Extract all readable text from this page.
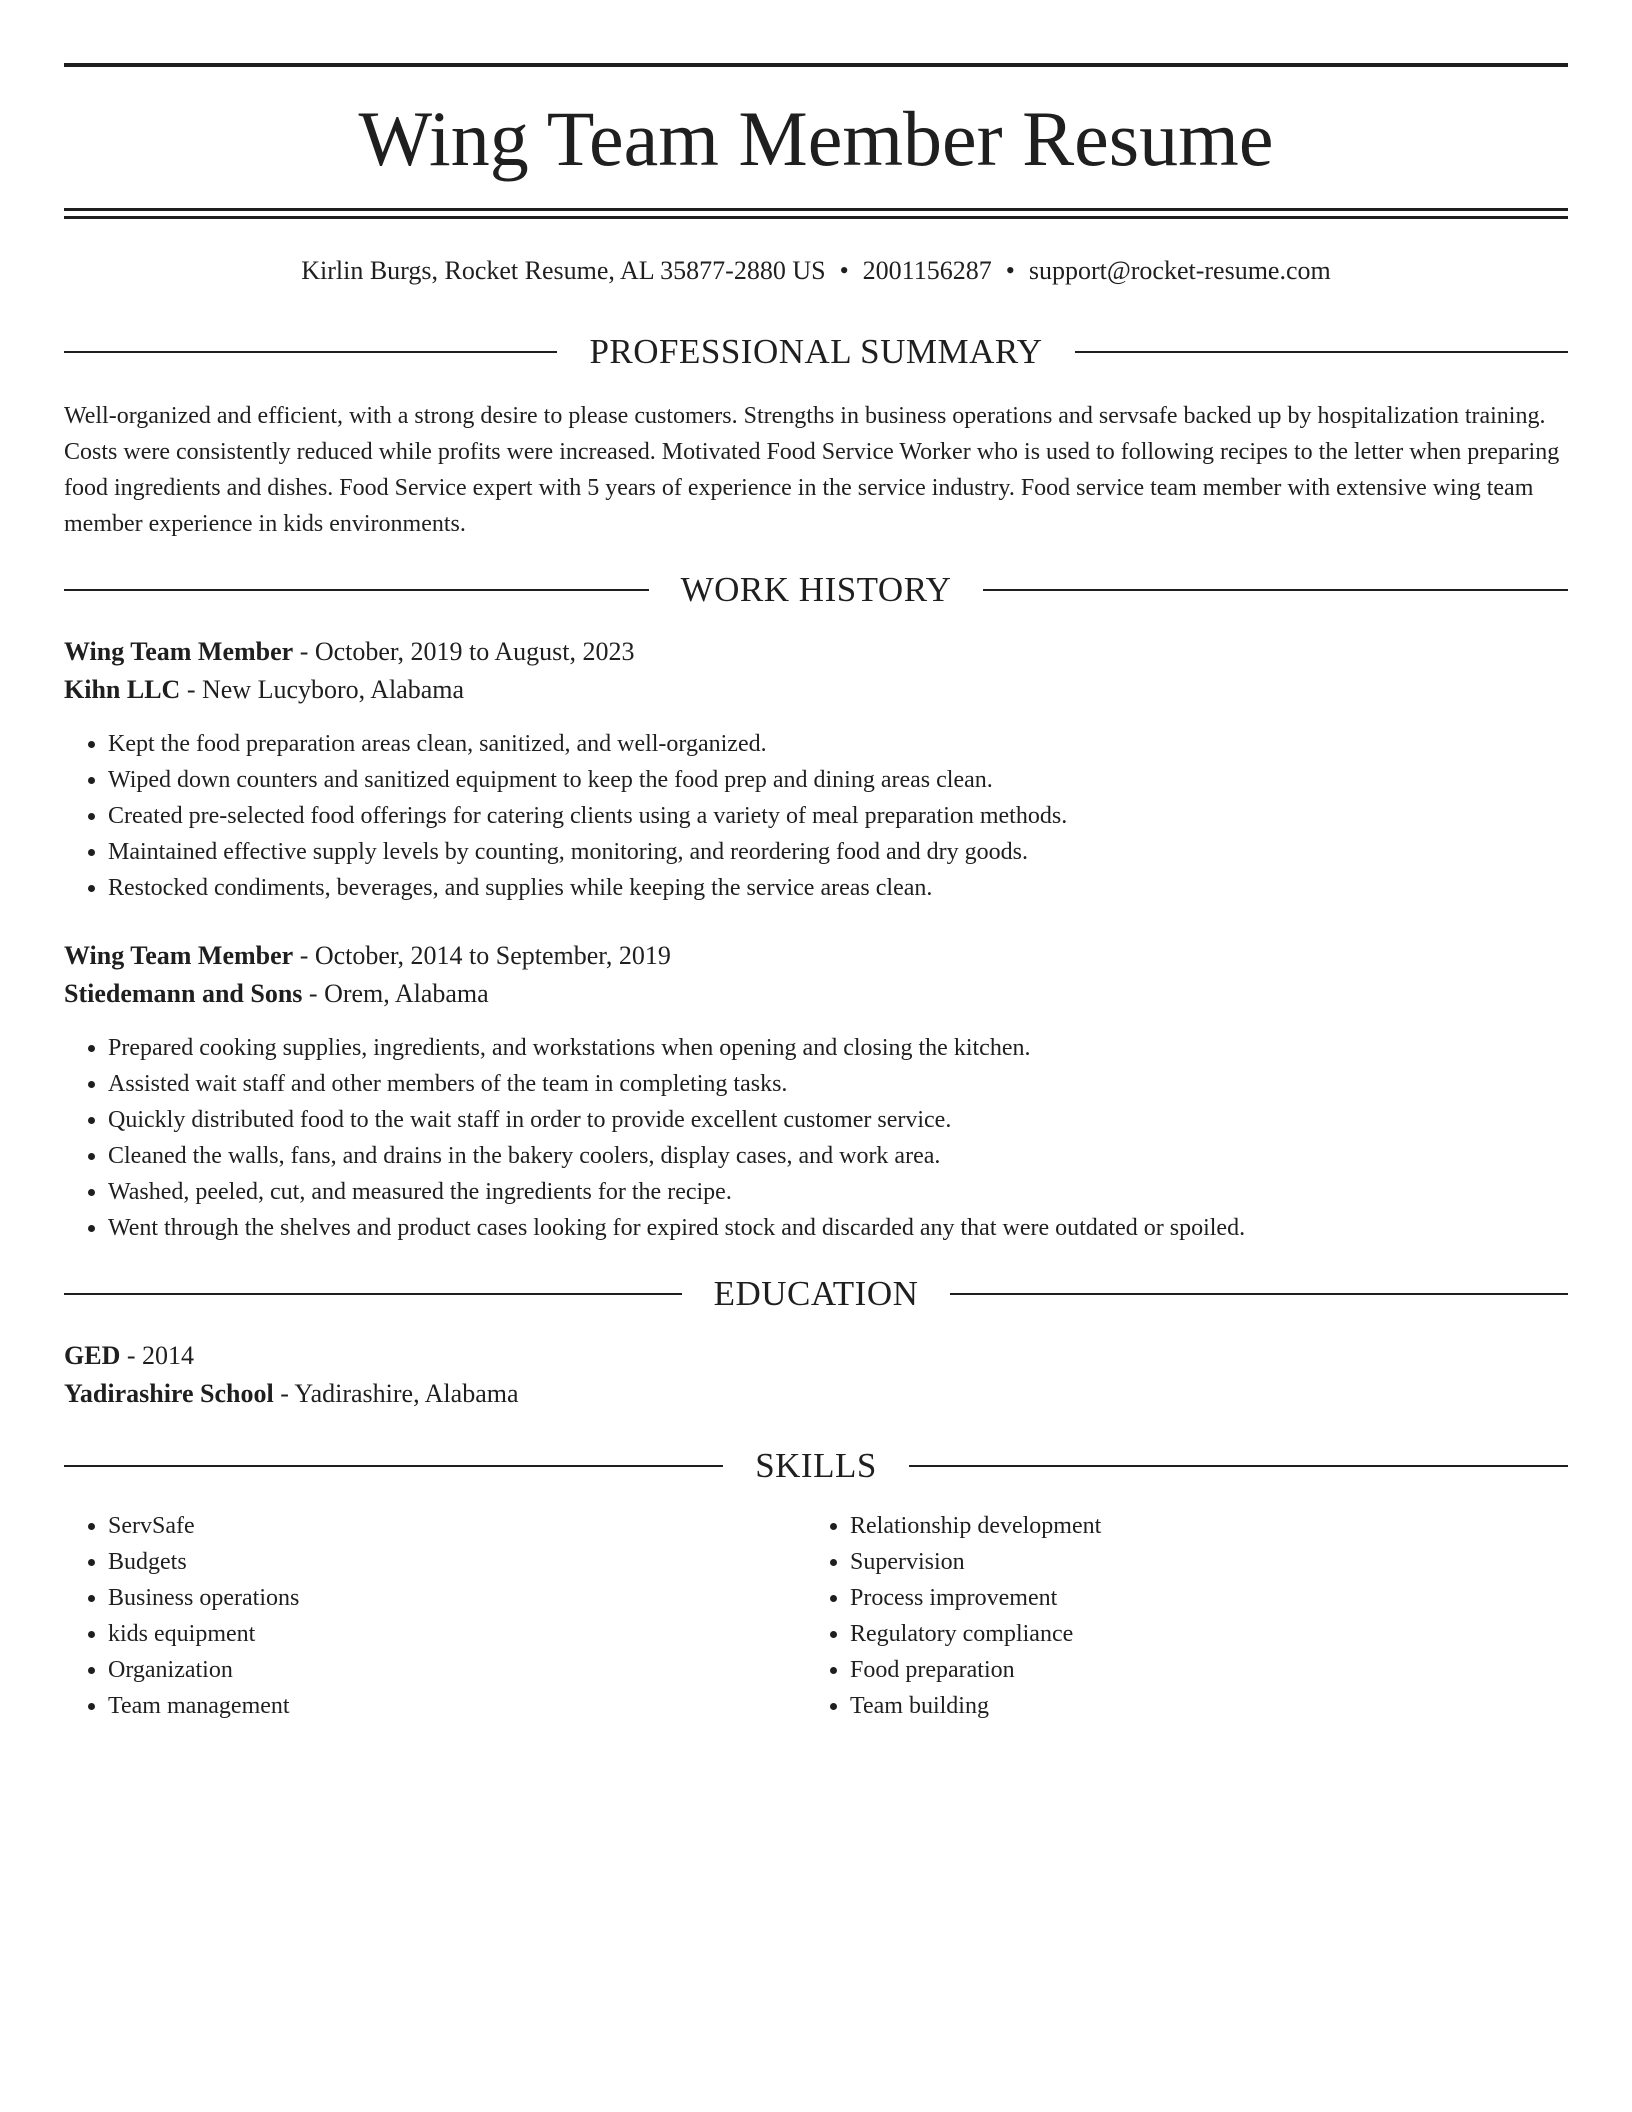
Wing Team Member Resume
Kirlin Burgs, Rocket Resume, AL 35877-2880 US • 2001156287 • support@rocket-resume.com
PROFESSIONAL SUMMARY

Well-organized and efficient, with a strong desire to please customers. Strengths in business operations and servsafe backed up by hospitalization training. Costs were consistently reduced while profits were increased. Motivated Food Service Worker who is used to following recipes to the letter when preparing food ingredients and dishes. Food Service expert with 5 years of experience in the service industry. Food service team member with extensive wing team member experience in kids environments.

WORK HISTORY
Wing Team Member - October, 2019 to August, 2023
Kihn LLC - New Lucyboro, Alabama
• Kept the food preparation areas clean, sanitized, and well-organized.
• Wiped down counters and sanitized equipment to keep the food prep and dining areas clean.
• Created pre-selected food offerings for catering clients using a variety of meal preparation methods.
• Maintained effective supply levels by counting, monitoring, and reordering food and dry goods.
• Restocked condiments, beverages, and supplies while keeping the service areas clean.
Wing Team Member - October, 2014 to September, 2019
Stiedemann and Sons - Orem, Alabama
• Prepared cooking supplies, ingredients, and workstations when opening and closing the kitchen.
• Assisted wait staff and other members of the team in completing tasks.
• Quickly distributed food to the wait staff in order to provide excellent customer service.
• Cleaned the walls, fans, and drains in the bakery coolers, display cases, and work area.
• Washed, peeled, cut, and measured the ingredients for the recipe.
• Went through the shelves and product cases looking for expired stock and discarded any that were outdated or spoiled.
EDUCATION
GED - 2014
Yadirashire School - Yadirashire, Alabama
SKILLS
• ServSafe
• Budgets
• Business operations
• kids equipment
• Organization
• Team management
• Relationship development
• Supervision
• Process improvement
• Regulatory compliance
• Food preparation
• Team building
